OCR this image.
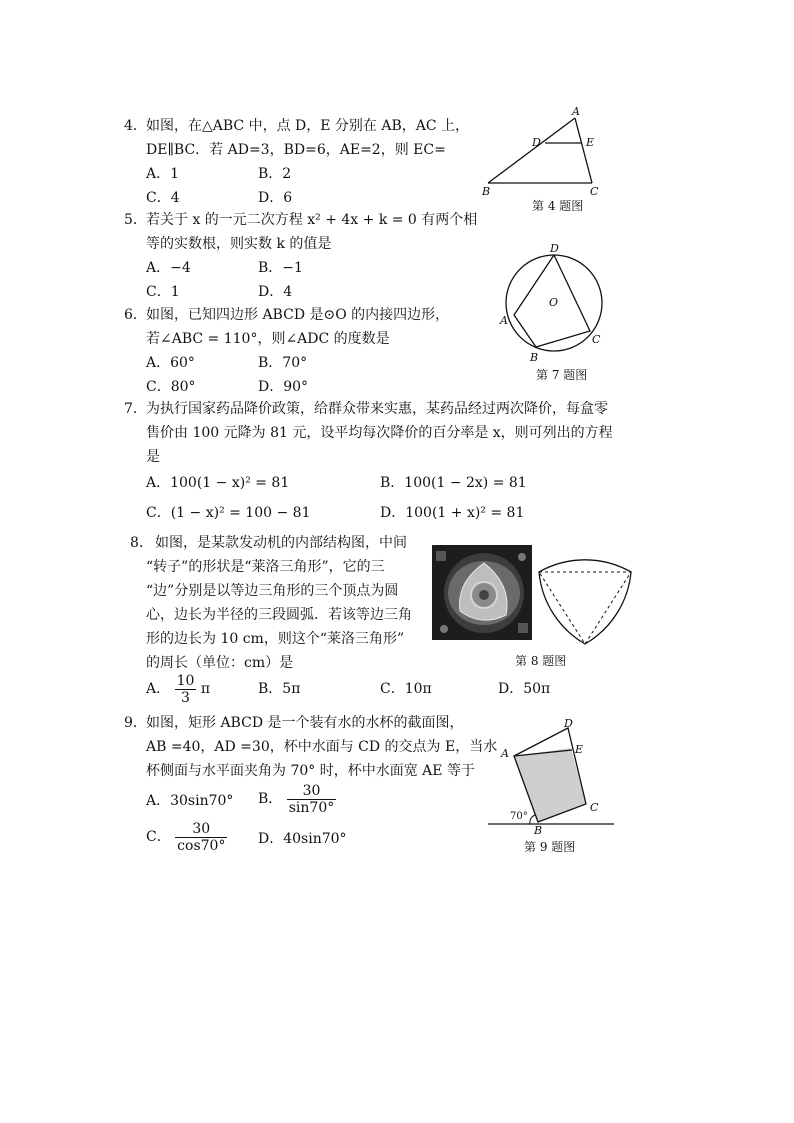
4． 如图，在△ABC 中，点 D，E 分别在 AB，AC 上，
DE∥BC．若 AD=3，BD=6，AE=2，则 EC=
A．1	B．2
C．4	D．6
A
D	E
B	C
第 4 题图
5． 若关于 x 的一元二次方程 x² + 4x + k = 0 有两个相
等的实数根，则实数 k 的值是
A．−4	B．−1
C．1	D．4
6． 如图，已知四边形 ABCD 是⊙O 的内接四边形，
若∠ABC = 110°，则∠ADC 的度数是
A．60°	B．70°
C．80°	D．90°
D
O
A
C
B
第 7 题图
7． 为执行国家药品降价政策，给群众带来实惠，某药品经过两次降价，每盒零
售价由 100 元降为 81 元，设平均每次降价的百分率是 x，则可列出的方程
是
A．100(1 − x)² = 81	B．100(1 − 2x) = 81
C．(1 − x)² = 100 − 81	D．100(1 + x)² = 81
8． 如图，是某款发动机的内部结构图，中间
“转子”的形状是“莱洛三角形”，它的三
“边”分别是以等边三角形的三个顶点为圆
心，边长为半径的三段圆弧．若该等边三角
形的边长为 10 cm，则这个“莱洛三角形”
的周长（单位：cm）是
A． $\frac{10}{3}$ π	B．5π	C．10π	D．50π
第 8 题图
9． 如图，矩形 ABCD 是一个装有水的水杯的截面图，
AB =40，AD =30，杯中水面与 CD 的交点为 E，当水
杯侧面与水平面夹角为 70° 时，杯中水面宽 AE 等于
A．30sin70° B． $\frac{30}{\sin 70^\circ}$
C． $\frac{30}{\cos 70^\circ}$ D．40sin70°
D
A	E
C
B
70°
第 9 题图
